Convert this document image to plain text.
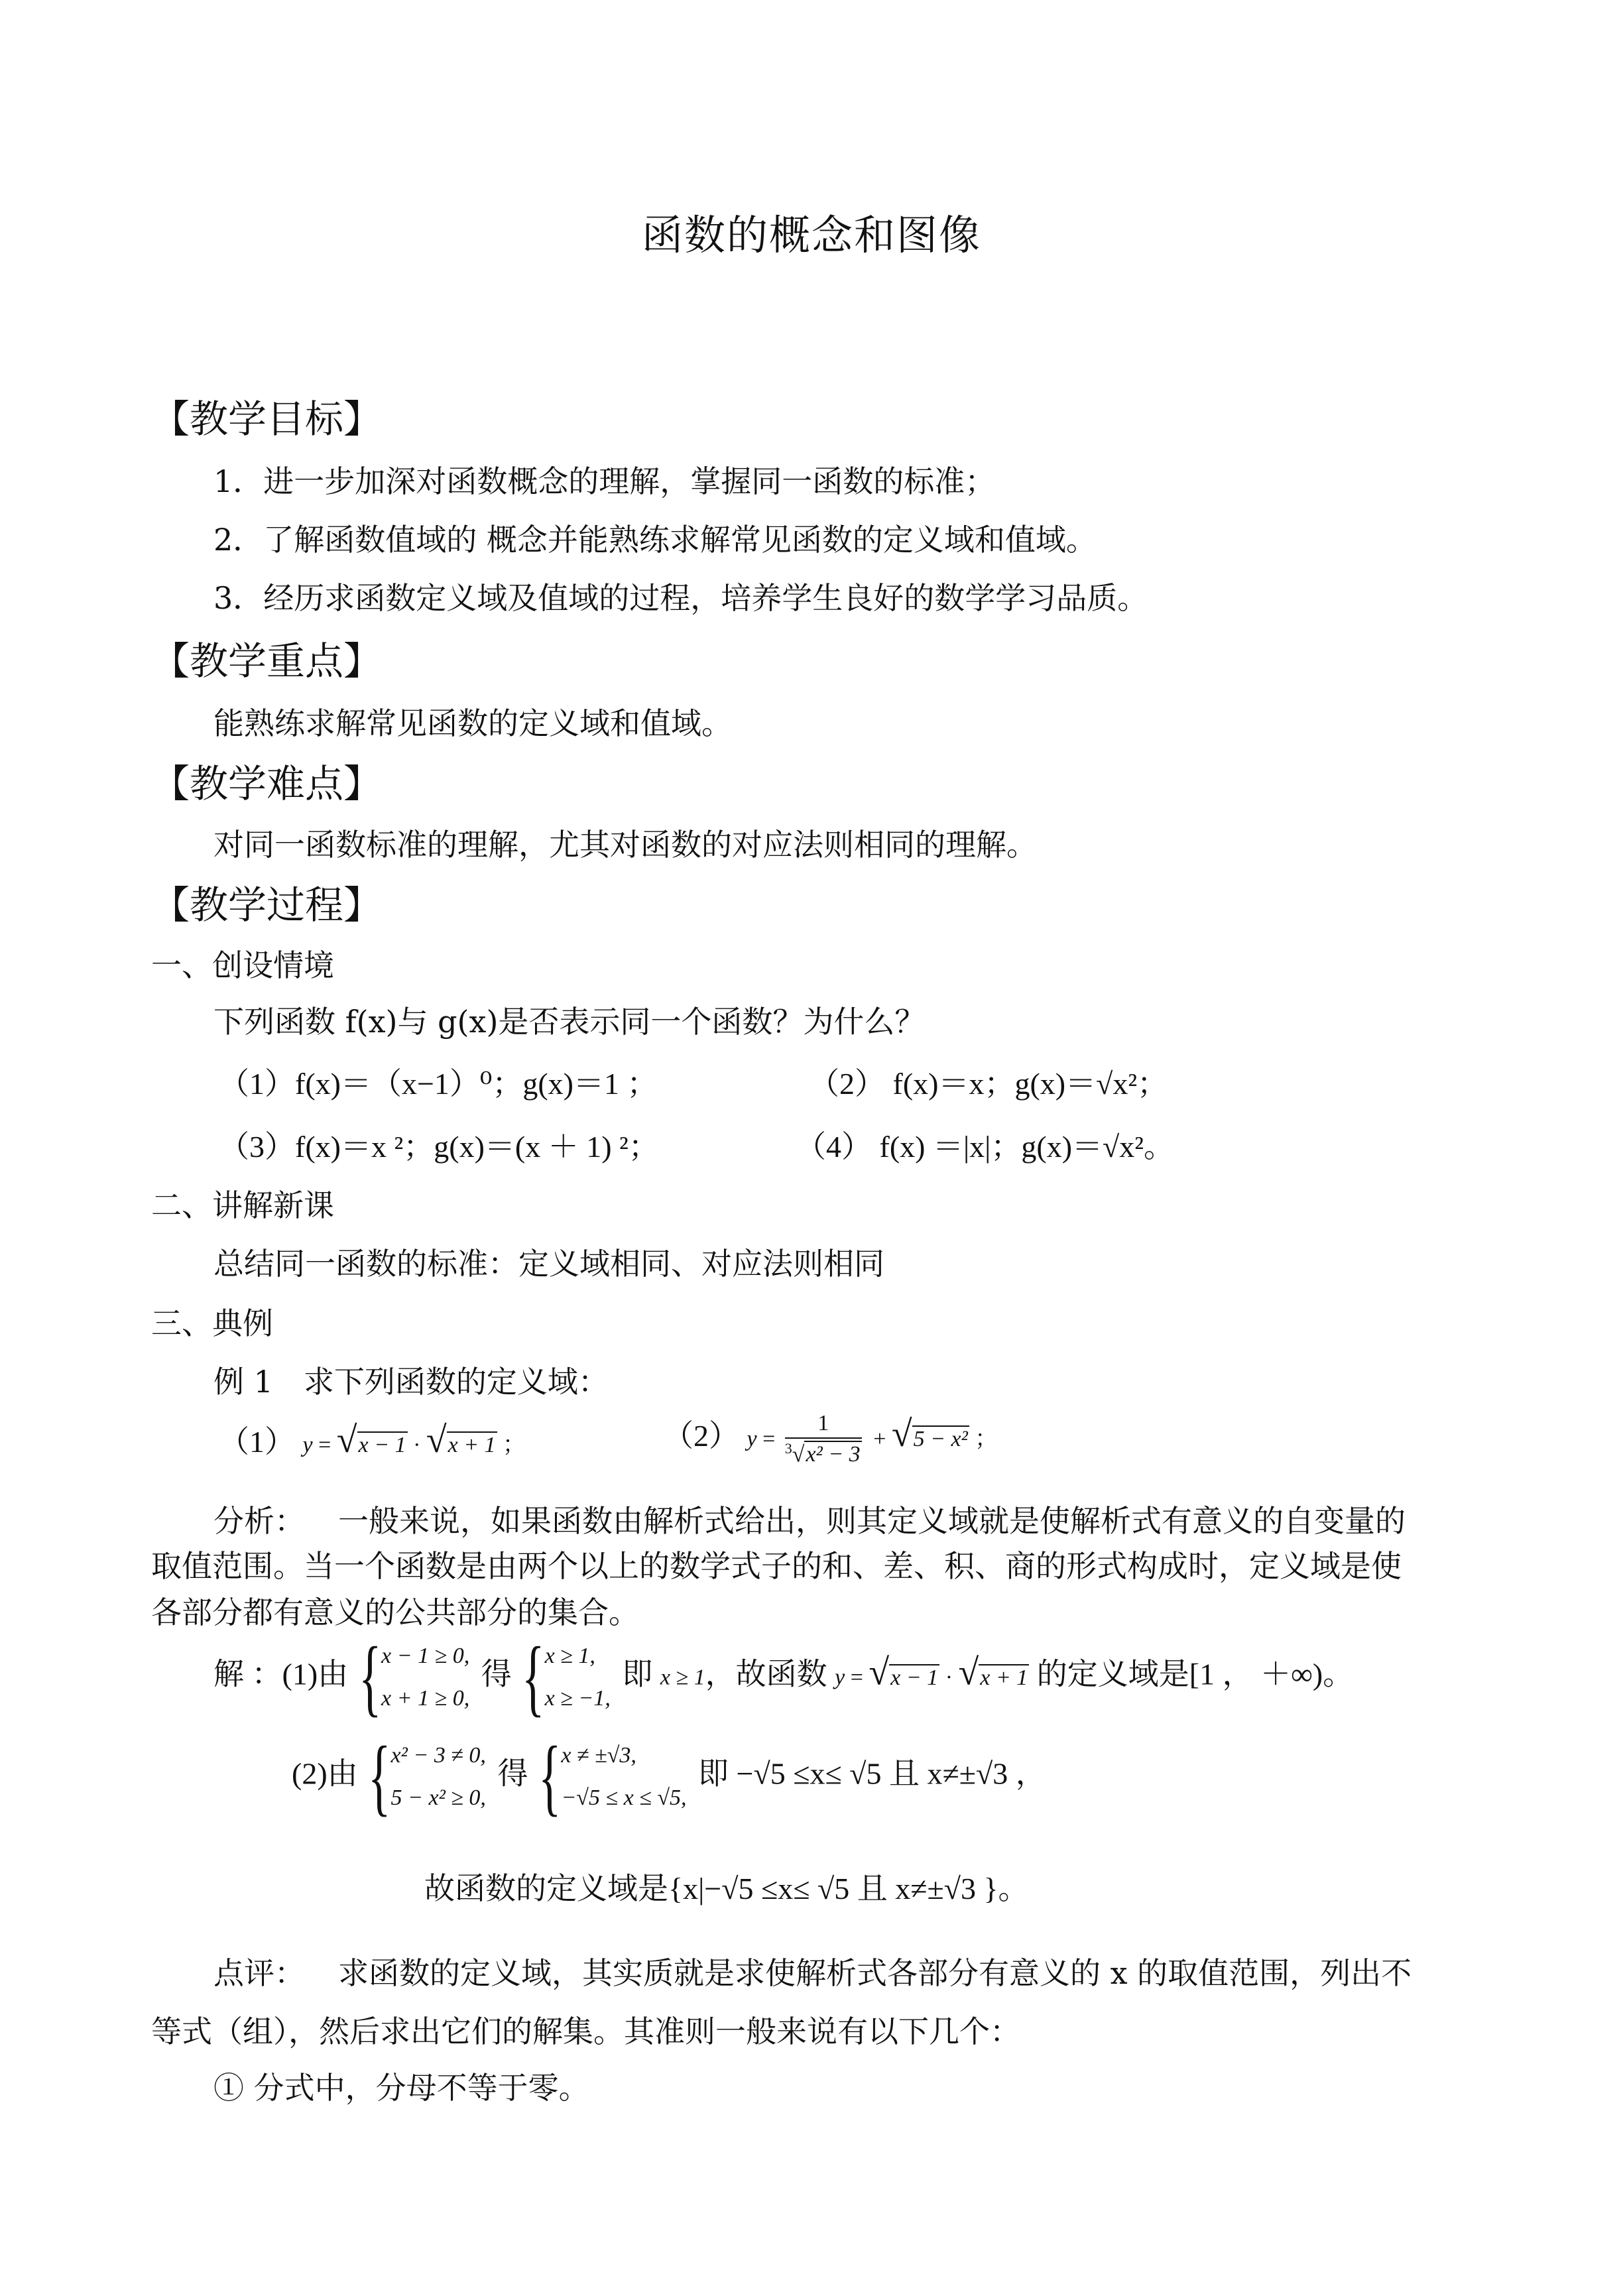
函数的概念和图像
【教学目标】
1．进一步加深对函数概念的理解，掌握同一函数的标准；
2．了解函数值域的 概念并能熟练求解常见函数的定义域和值域。
3．经历求函数定义域及值域的过程，培养学生良好的数学学习品质。
【教学重点】
能熟练求解常见函数的定义域和值域。
【教学难点】
对同一函数标准的理解，尤其对函数的对应法则相同的理解。
【教学过程】
一、创设情境
下列函数 f(x)与 g(x)是否表示同一个函数？为什么？
（1）f(x)＝（x−1）⁰；g(x)＝1 ；	（2） f(x)＝x；g(x)＝√x²；
（3）f(x)＝x ²；g(x)＝(x ＋ 1) ²；	（4） f(x) ＝|x|；g(x)＝√x²。
二、讲解新课
总结同一函数的标准：定义域相同、对应法则相同
三、典例
例 1　求下列函数的定义域：
（1） y = √x − 1 · √x + 1 ；	（2） $y = \frac{1}{^3√x^2 - 3} + √5 - x^2$ ；
分析： 一般来说，如果函数由解析式给出，则其定义域就是使解析式有意义的自变量的
取值范围。当一个函数是由两个以上的数学式子的和、差、积、商的形式构成时，定义域是使
各部分都有意义的公共部分的集合。
解 ：(1)由 { x − 1 ≥ 0,
x + 1 ≥ 0,
得 { x ≥ 1,
x ≥ −1,
即 x ≥ 1，故函数 y = √x − 1 · √x + 1 的定义域是[1 ， ＋∞)。
(2)由 { x² − 3 ≠ 0,
5 − x² ≥ 0,
得 { x ≠ ±√3,
−√5 ≤ x ≤ √5,
即 −√5 ≤x≤ √5 且 x≠±√3 ，
故函数的定义域是{x|−√5 ≤x≤ √5 且 x≠±√3 }。
点评： 求函数的定义域，其实质就是求使解析式各部分有意义的 x 的取值范围，列出不
等式（组），然后求出它们的解集。其准则一般来说有以下几个：
① 分式中，分母不等于零。
